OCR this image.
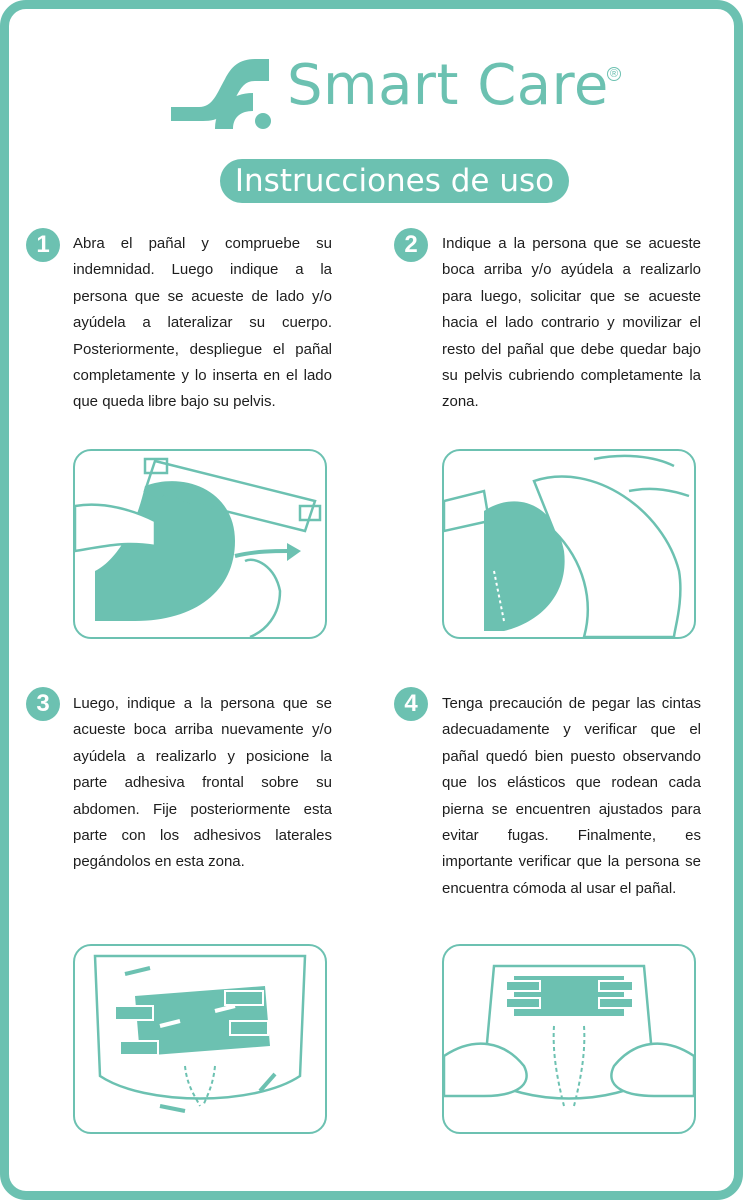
Smart Care ®
Instrucciones de uso
1	Abra el pañal y compruebe su indemnidad. Luego indique a la persona que se acueste de lado y/o ayúdela a lateralizar su cuerpo. Posteriormente, despliegue el pañal completamente y lo inserta en el lado que queda libre bajo su pelvis.
2	Indique a la persona que se acueste boca arriba y/o ayúdela a realizarlo para luego, solicitar que se acueste hacia el lado contrario y movilizar el resto del pañal que debe quedar bajo su pelvis cubriendo completamente la zona.
3	Luego, indique a la persona que se acueste boca arriba nuevamente y/o ayúdela a realizarlo y posicione la parte adhesiva frontal sobre su abdomen. Fije posteriormente esta parte con los adhesivos laterales pegándolos en esta zona.
4	Tenga precaución de pegar las cintas adecuadamente y verificar que el pañal quedó bien puesto observando que los elásticos que rodean cada pierna se encuentren ajustados para evitar fugas. Finalmente, es importante verificar que la persona se encuentra cómoda al usar el pañal.
